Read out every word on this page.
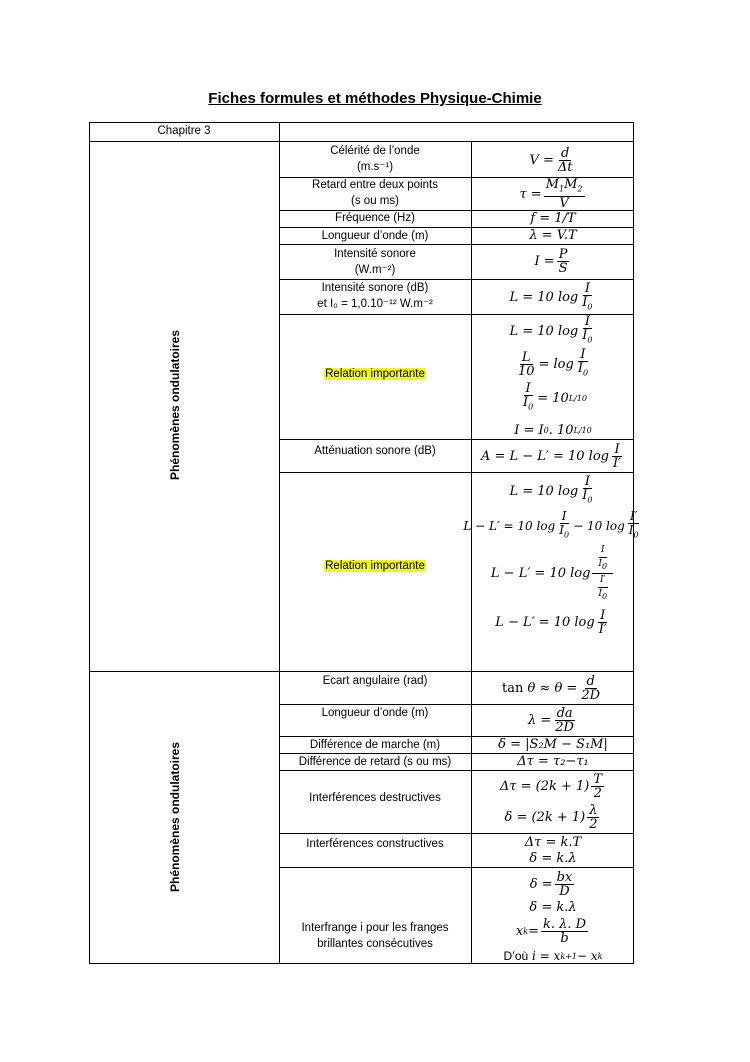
Fiches formules et méthodes Physique-Chimie
Chapitre 3
Phénomènes ondulatoires
Phénomènes ondulatoires
Célérité de l’onde
(m.s⁻¹)
Retard entre deux points
(s ou ms)
Fréquence (Hz)
Longueur d’onde (m)
Intensité sonore
(W.m⁻²)
Intensité sonore (dB)
et I₀ = 1,0.10⁻¹² W.m⁻²
Relation importante
Atténuation sonore (dB)
Relation importante
Ecart angulaire (rad)
Longueur d’onde (m)
Différence de marche (m)
Différence de retard (s ou ms)
Interférences destructives
Interférences constructives
Interfrange i pour les franges
brillantes consécutives
$V = \frac{d}{\Delta t}$
$\tau = \frac{M_1M_2}{V}$
f = 1/T
λ = V.T
$I = \frac{P}{S}$
L = 10 $\log \frac{I}{I_0}$
L = 10 $\log \frac{I}{I_0}$
$\frac{L}{10} = \log \frac{I}{I_0}$
$\frac{I}{I_0} = 10$ L/10
I = I 0 . 10 L/10
A = L − L′ = 10 $\log \frac{I}{I'}$
L = 10 $\log \frac{I}{I_0}$
L − L′ = 10 $\log \frac{I}{I_0} - 10$ $\log \frac{I'}{I_0}$
L − L′ = 10 $\log \frac{\frac{I}{I_0}}{\frac{I'}{I_0}}$
L − L′ = 10 $\log \frac{I}{I'}$
tan
$\theta \approx \theta = \frac{d}{2D}$
$\lambda = \frac{da}{2D}$
δ = |S₂M − S₁M|
Δτ = τ₂−τ₁
$\Delta\tau = (2k + 1) \frac{T}{2}$
$\delta = (2k + 1) \frac{\lambda}{2}$
Δτ = k.T
δ = k.λ
$\delta = \frac{bx}{D}$
δ = k.λ
x $k = \frac{k. \lambda. D}{b}$
D’où i = x k+1 − x k
